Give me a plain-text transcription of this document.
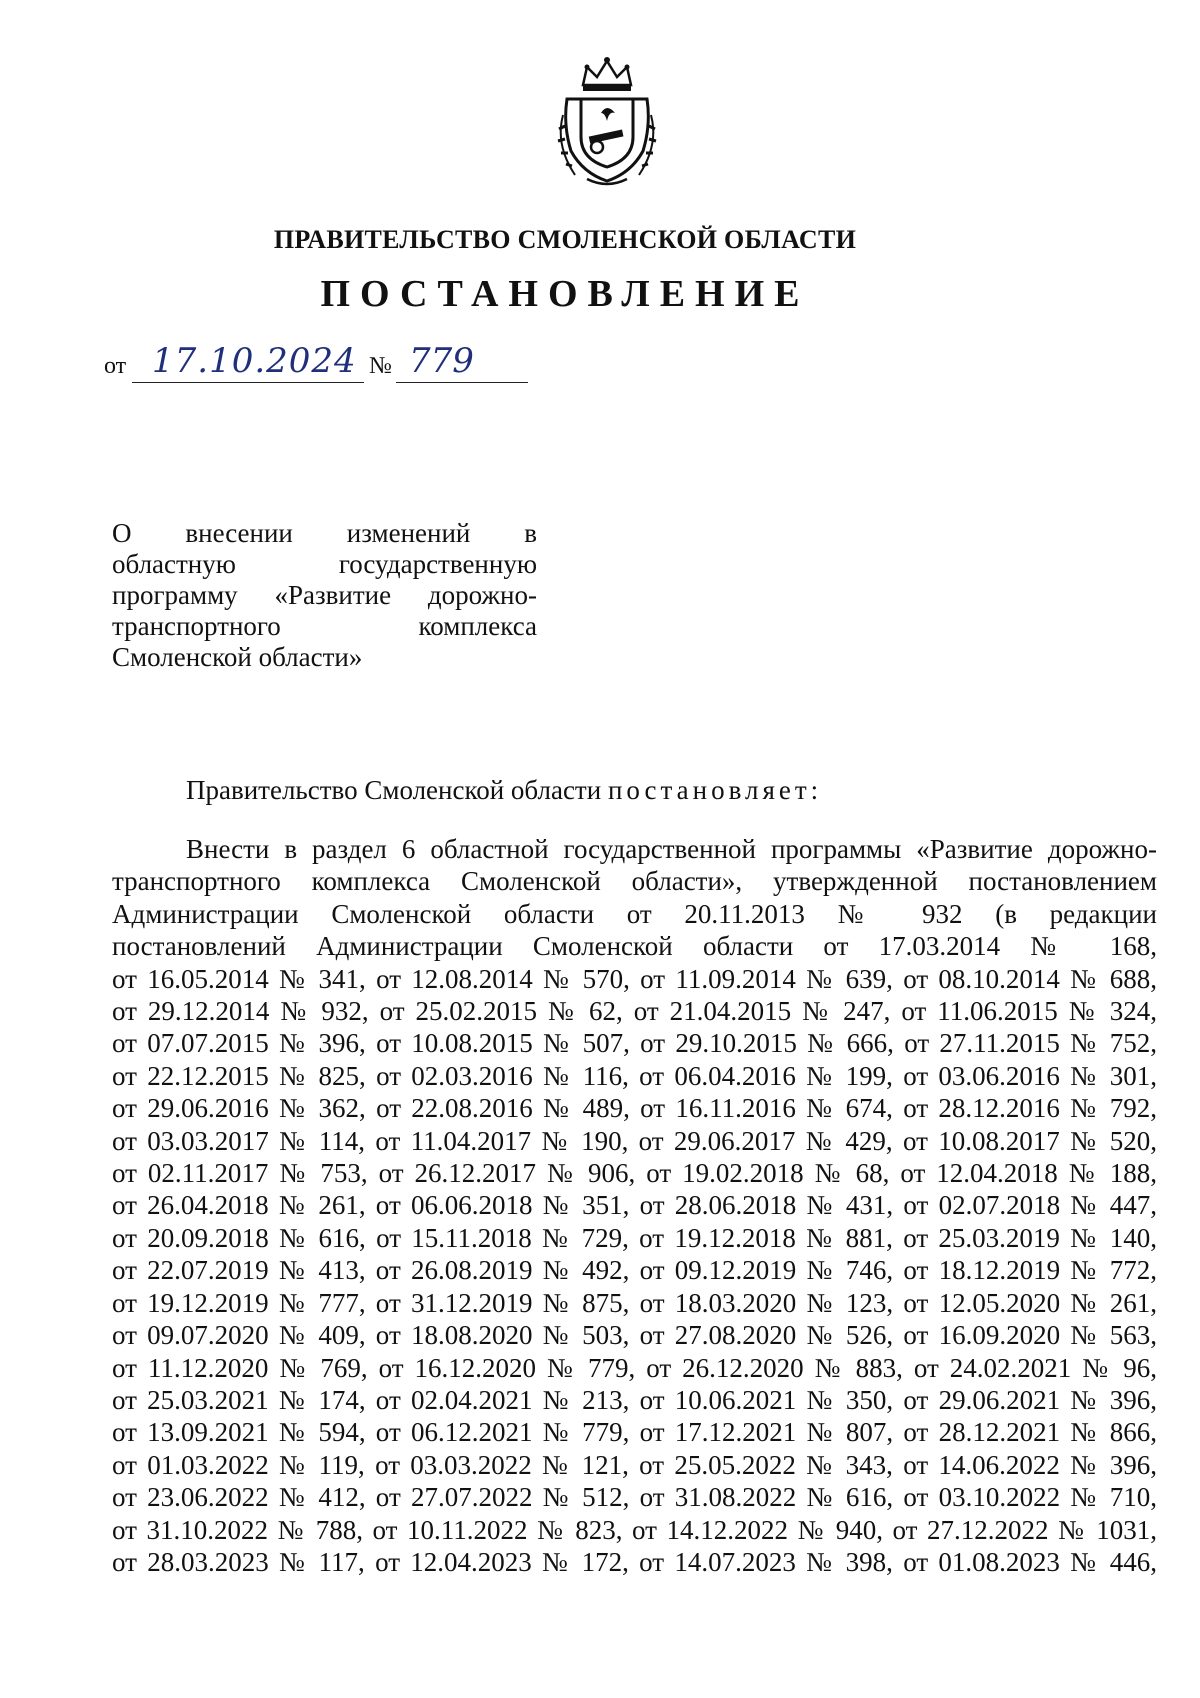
ПРАВИТЕЛЬСТВО СМОЛЕНСКОЙ ОБЛАСТИ
ПОСТАНОВЛЕНИЕ
от 17.10.2024 № 779
О внесении изменений в
областную государственную
программу «Развитие дорожно-
транспортного комплекса
Смоленской области»
Правительство Смоленской области постановляет:
Внести в раздел 6 областной государственной программы «Развитие дорожно-
транспортного комплекса Смоленской области», утвержденной постановлением
Администрации Смоленской области от 20.11.2013 № 932 (в редакции
постановлений Администрации Смоленской области от 17.03.2014 № 168,
от 16.05.2014 № 341, от 12.08.2014 № 570, от 11.09.2014 № 639, от 08.10.2014 № 688,
от 29.12.2014 № 932, от 25.02.2015 № 62, от 21.04.2015 № 247, от 11.06.2015 № 324,
от 07.07.2015 № 396, от 10.08.2015 № 507, от 29.10.2015 № 666, от 27.11.2015 № 752,
от 22.12.2015 № 825, от 02.03.2016 № 116, от 06.04.2016 № 199, от 03.06.2016 № 301,
от 29.06.2016 № 362, от 22.08.2016 № 489, от 16.11.2016 № 674, от 28.12.2016 № 792,
от 03.03.2017 № 114, от 11.04.2017 № 190, от 29.06.2017 № 429, от 10.08.2017 № 520,
от 02.11.2017 № 753, от 26.12.2017 № 906, от 19.02.2018 № 68, от 12.04.2018 № 188,
от 26.04.2018 № 261, от 06.06.2018 № 351, от 28.06.2018 № 431, от 02.07.2018 № 447,
от 20.09.2018 № 616, от 15.11.2018 № 729, от 19.12.2018 № 881, от 25.03.2019 № 140,
от 22.07.2019 № 413, от 26.08.2019 № 492, от 09.12.2019 № 746, от 18.12.2019 № 772,
от 19.12.2019 № 777, от 31.12.2019 № 875, от 18.03.2020 № 123, от 12.05.2020 № 261,
от 09.07.2020 № 409, от 18.08.2020 № 503, от 27.08.2020 № 526, от 16.09.2020 № 563,
от 11.12.2020 № 769, от 16.12.2020 № 779, от 26.12.2020 № 883, от 24.02.2021 № 96,
от 25.03.2021 № 174, от 02.04.2021 № 213, от 10.06.2021 № 350, от 29.06.2021 № 396,
от 13.09.2021 № 594, от 06.12.2021 № 779, от 17.12.2021 № 807, от 28.12.2021 № 866,
от 01.03.2022 № 119, от 03.03.2022 № 121, от 25.05.2022 № 343, от 14.06.2022 № 396,
от 23.06.2022 № 412, от 27.07.2022 № 512, от 31.08.2022 № 616, от 03.10.2022 № 710,
от 31.10.2022 № 788, от 10.11.2022 № 823, от 14.12.2022 № 940, от 27.12.2022 № 1031,
от 28.03.2023 № 117, от 12.04.2023 № 172, от 14.07.2023 № 398, от 01.08.2023 № 446,
